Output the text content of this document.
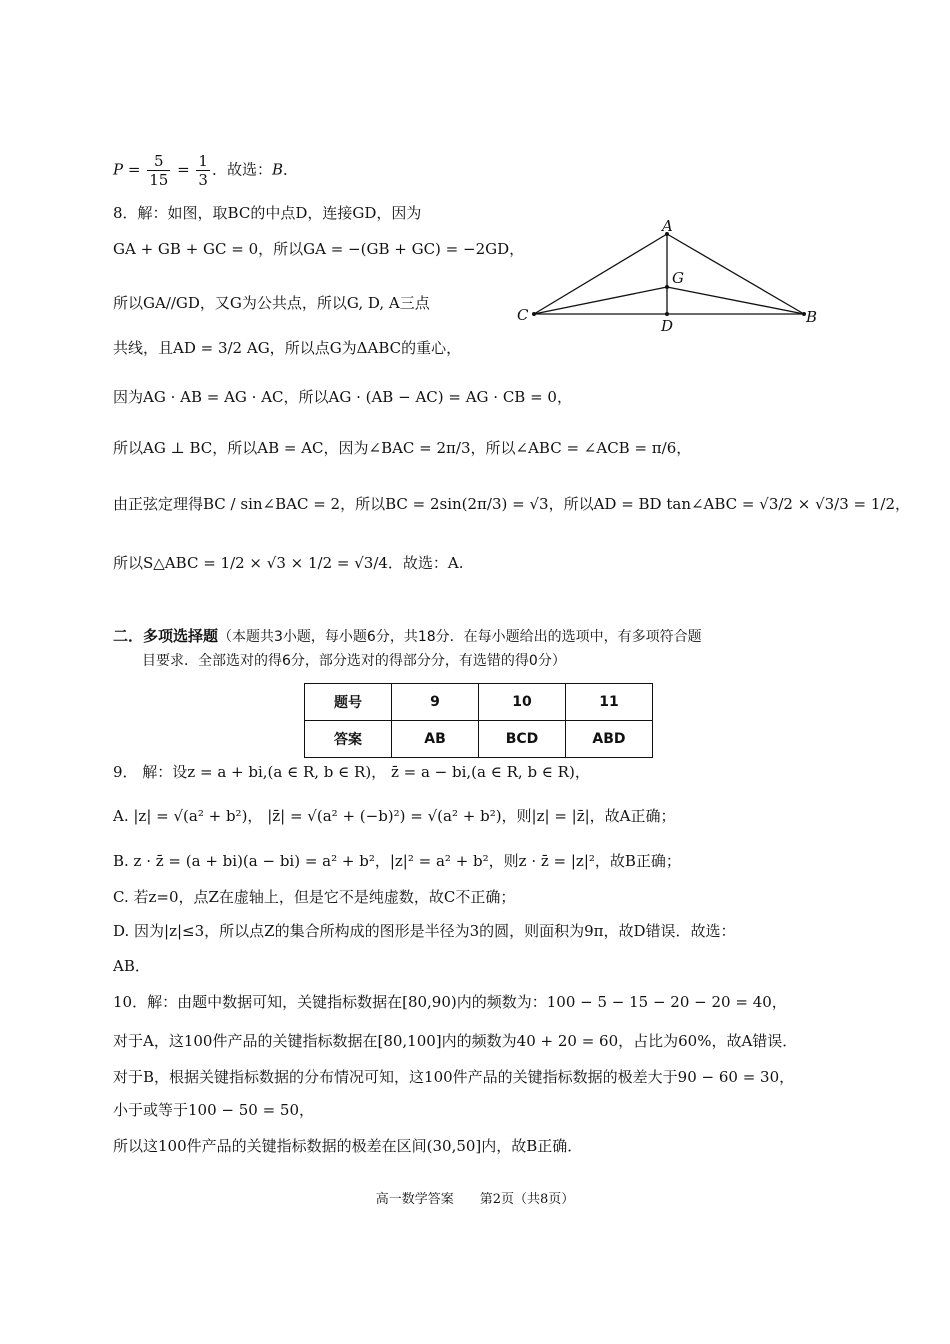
$P = \frac{5}{15} = \frac{1}{3}$ ．故选：B．
8．解：如图，取BC的中点D，连接GD，因为
GA + GB + GC = 0，所以GA = −(GB + GC) = −2GD，
所以GA//GD，又G为公共点，所以G, D, A三点
共线，且AD = 3/2 AG，所以点G为ΔABC的重心，
因为AG · AB = AG · AC，所以AG · (AB − AC) = AG · CB = 0，
所以AG ⊥ BC，所以AB = AC，因为∠BAC = 2π/3，所以∠ABC = ∠ACB = π/6，
由正弦定理得BC / sin∠BAC = 2，所以BC = 2sin(2π/3) = √3，所以AD = BD tan∠ABC = √3/2 × √3/3 = 1/2，
所以S△ABC = 1/2 × √3 × 1/2 = √3/4．故选：A.
A
G
D
C	B
二．多项选择题（本题共3小题，每小题6分，共18分．在每小题给出的选项中，有多项符合题
目要求．全部选对的得6分，部分选对的得部分分，有选错的得0分）
题号	9	10	11
答案	AB	BCD	ABD
9． 解：设z = a + bi,(a ∈ R, b ∈ R)， z̄ = a − bi,(a ∈ R, b ∈ R)，
A. |z| = √(a² + b²)， |z̄| = √(a² + (−b)²) = √(a² + b²)，则|z| = |z̄|，故A正确；
B. z · z̄ = (a + bi)(a − bi) = a² + b²，|z|² = a² + b²，则z · z̄ = |z|²，故B正确；
C. 若z=0，点Z在虚轴上，但是它不是纯虚数，故C不正确；
D. 因为|z|≤3，所以点Z的集合所构成的图形是半径为3的圆，则面积为9π，故D错误．故选：
AB．
10．解：由题中数据可知，关键指标数据在[80,90)内的频数为：100 − 5 − 15 − 20 − 20 = 40，
对于A，这100件产品的关键指标数据在[80,100]内的频数为40 + 20 = 60，占比为60%，故A错误．
对于B，根据关键指标数据的分布情况可知，这100件产品的关键指标数据的极差大于90 − 60 = 30，
小于或等于100 − 50 = 50，
所以这100件产品的关键指标数据的极差在区间(30,50]内，故B正确．
高一数学答案　　第2页（共8页）
